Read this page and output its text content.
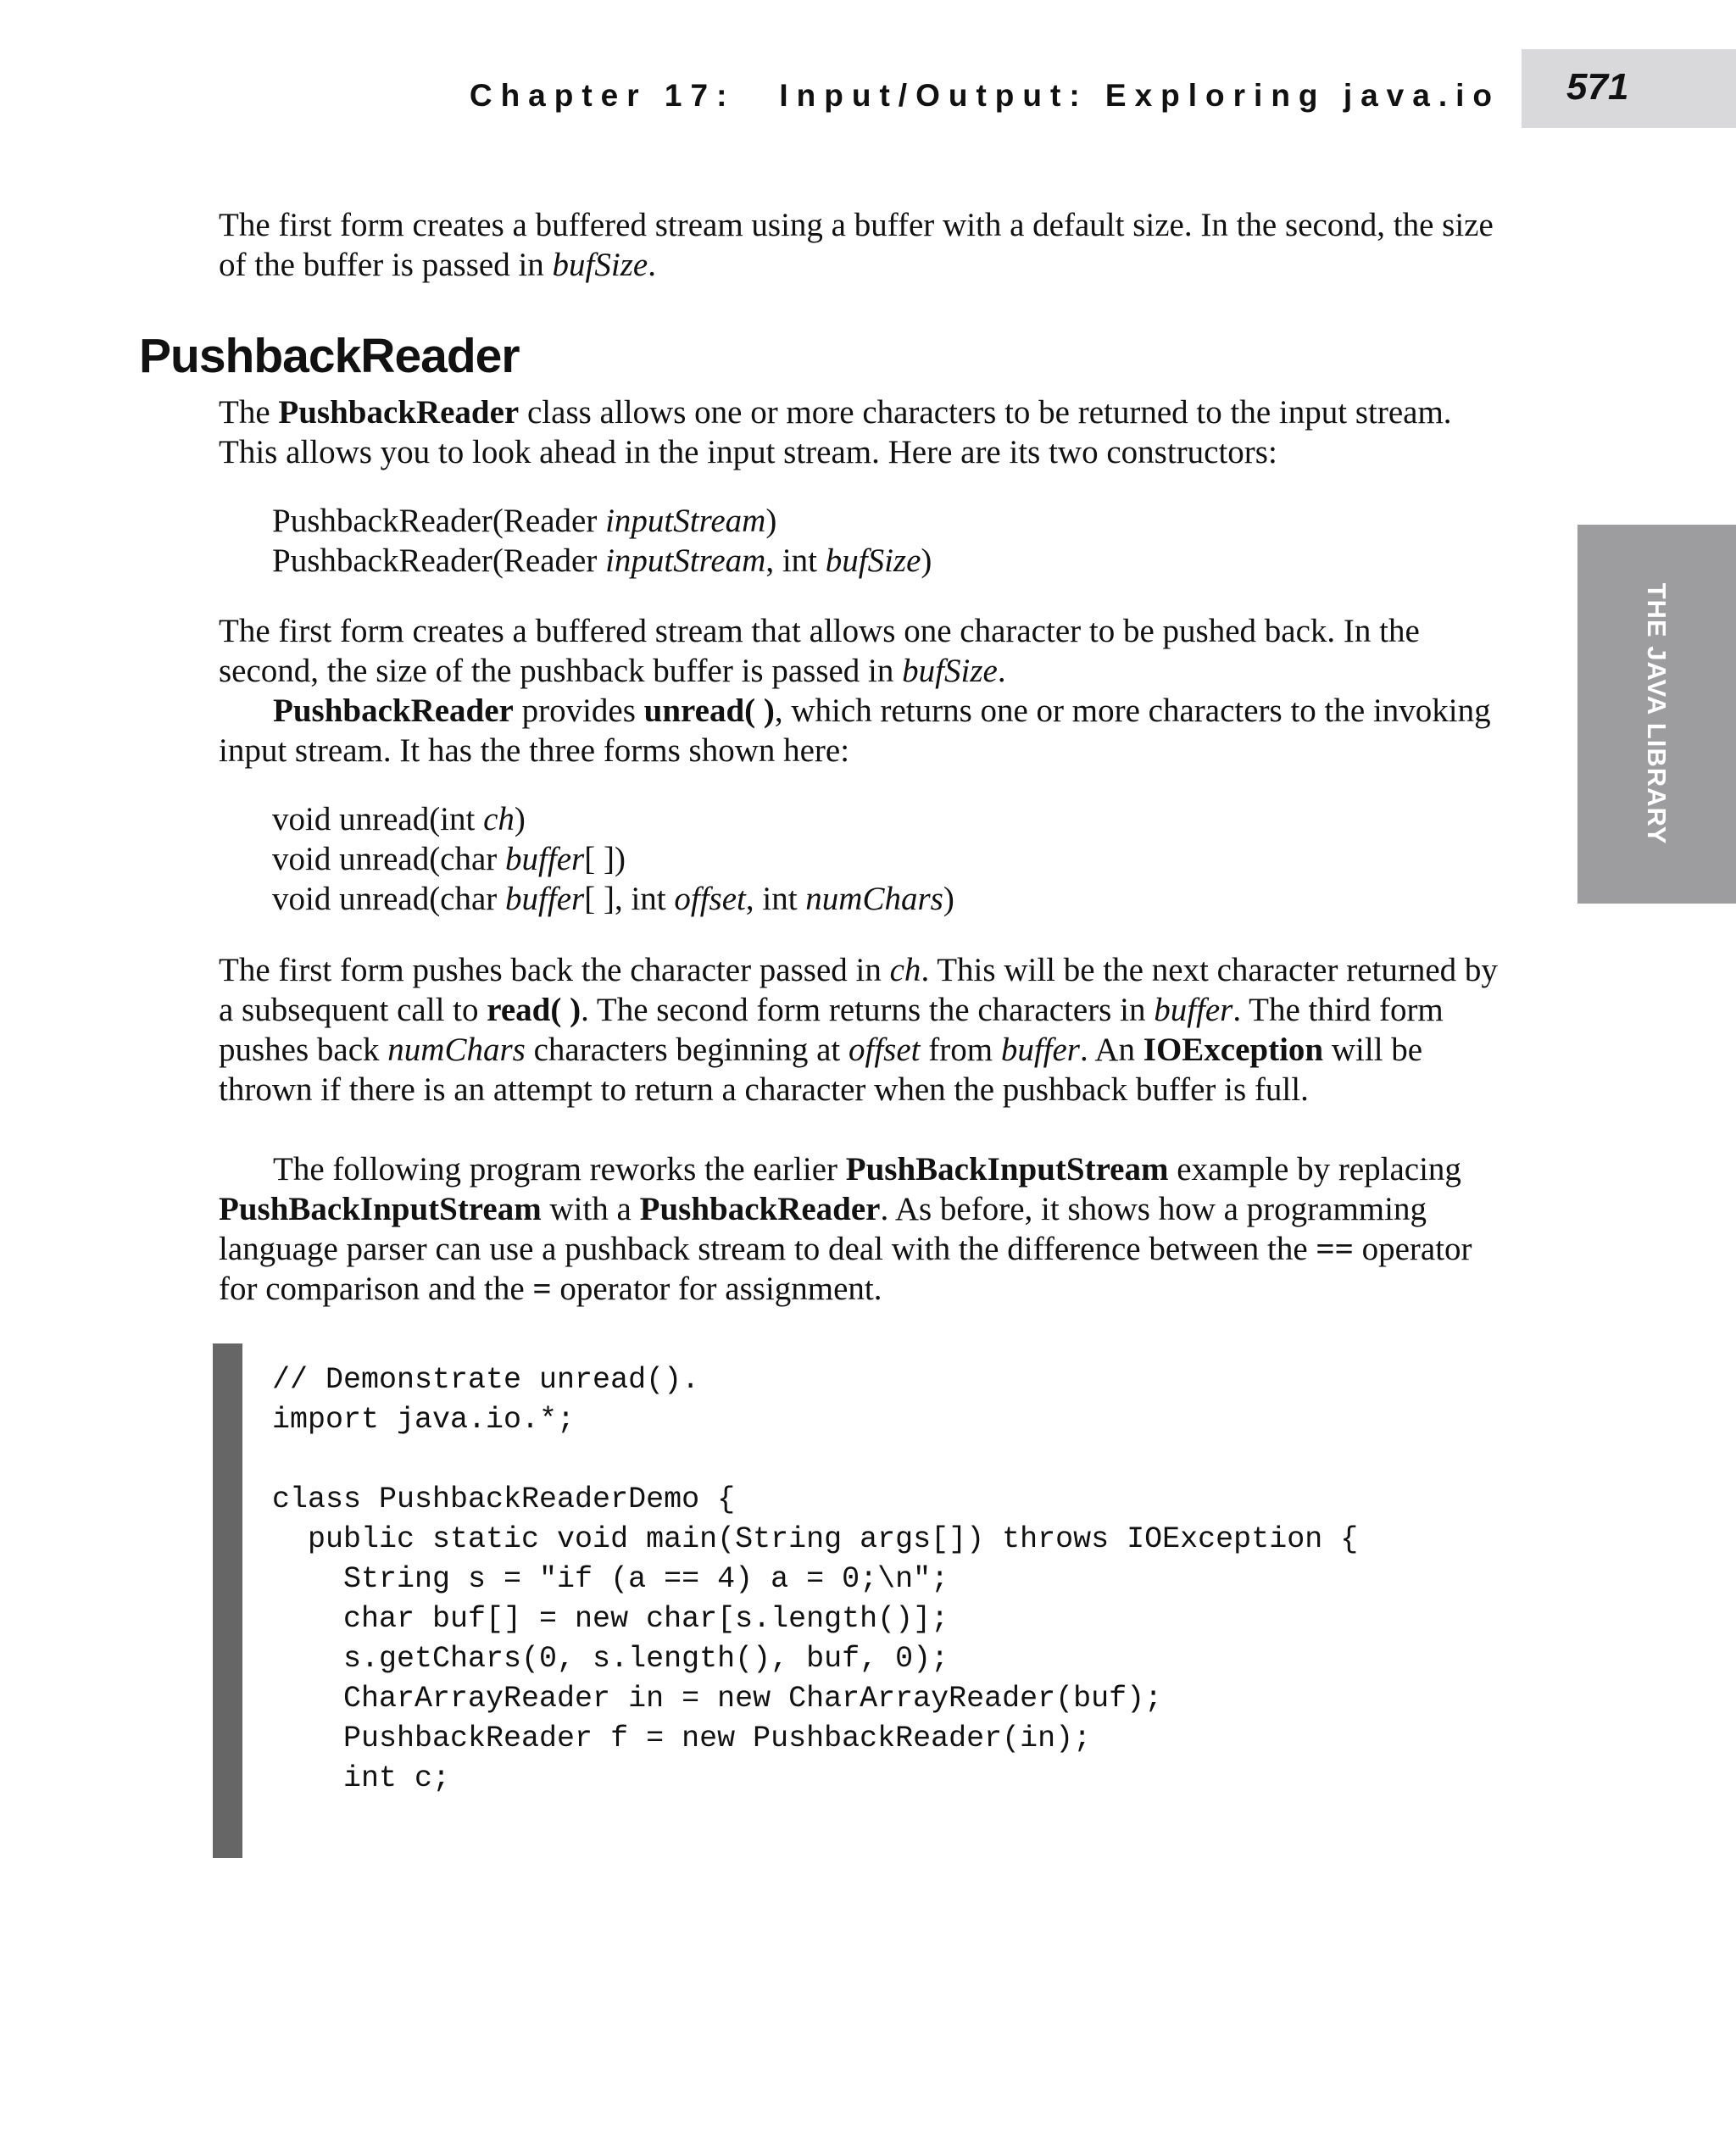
Chapter 17: Input/Output: Exploring java.io 571
THE JAVA LIBRARY

The first form creates a buffered stream using a buffer with a default size. In the second, the size of the buffer is passed in bufSize.

PushbackReader

The PushbackReader class allows one or more characters to be returned to the input stream. This allows you to look ahead in the input stream. Here are its two constructors:

PushbackReader(Reader inputStream)
PushbackReader(Reader inputStream, int bufSize)

The first form creates a buffered stream that allows one character to be pushed back. In the second, the size of the pushback buffer is passed in bufSize.

PushbackReader provides unread( ), which returns one or more characters to the invoking input stream. It has the three forms shown here:

void unread(int ch)
void unread(char buffer[ ])
void unread(char buffer[ ], int offset, int numChars)

The first form pushes back the character passed in ch. This will be the next character returned by a subsequent call to read( ). The second form returns the characters in buffer. The third form pushes back numChars characters beginning at offset from buffer. An IOException will be thrown if there is an attempt to return a character when the pushback buffer is full.

The following program reworks the earlier PushBackInputStream example by replacing PushBackInputStream with a PushbackReader. As before, it shows how a programming language parser can use a pushback stream to deal with the difference between the == operator for comparison and the = operator for assignment.

// Demonstrate unread().
import java.io.*;
class PushbackReaderDemo {
public static void main(String args[]) throws IOException {
String s = "if (a == 4) a = 0;\n";
char buf[] = new char[s.length()];
s.getChars(0, s.length(), buf, 0);
CharArrayReader in = new CharArrayReader(buf);
PushbackReader f = new PushbackReader(in);
int c;
